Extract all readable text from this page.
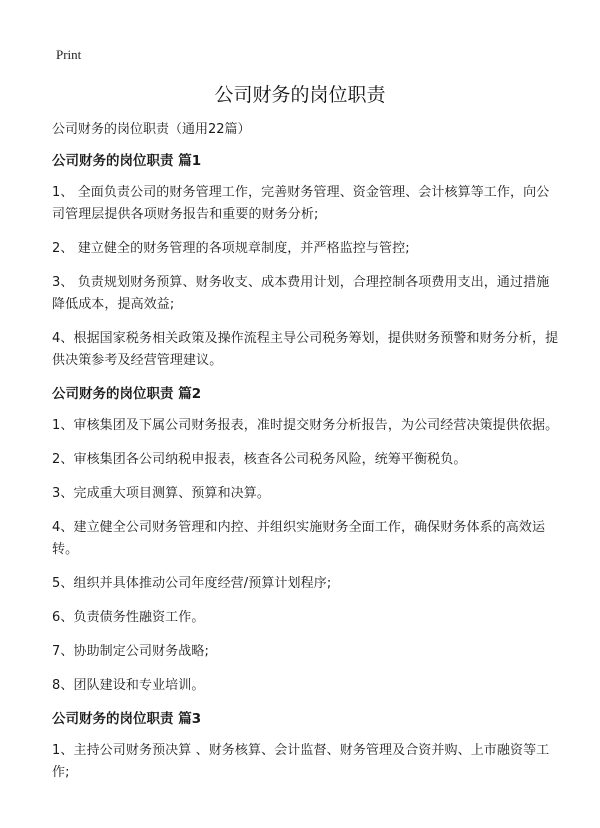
Print
公司财务的岗位职责

公司财务的岗位职责（通用22篇）

公司财务的岗位职责 篇1

1、 全面负责公司的财务管理工作，完善财务管理、资金管理、会计核算等工作，向公司管理层提供各项财务报告和重要的财务分析;

2、 建立健全的财务管理的各项规章制度，并严格监控与管控;

3、 负责规划财务预算、财务收支、成本费用计划，合理控制各项费用支出，通过措施降低成本，提高效益;

4、根据国家税务相关政策及操作流程主导公司税务筹划，提供财务预警和财务分析，提供决策参考及经营管理建议。

公司财务的岗位职责 篇2

1、审核集团及下属公司财务报表，准时提交财务分析报告，为公司经营决策提供依据。

2、审核集团各公司纳税申报表，核查各公司税务风险，统筹平衡税负。

3、完成重大项目测算、预算和决算。

4、建立健全公司财务管理和内控、并组织实施财务全面工作，确保财务体系的高效运转。

5、组织并具体推动公司年度经营/预算计划程序;

6、负责债务性融资工作。

7、协助制定公司财务战略;

8、团队建设和专业培训。

公司财务的岗位职责 篇3

1、主持公司财务预决算 、财务核算、会计监督、财务管理及合资并购、上市融资等工作;
